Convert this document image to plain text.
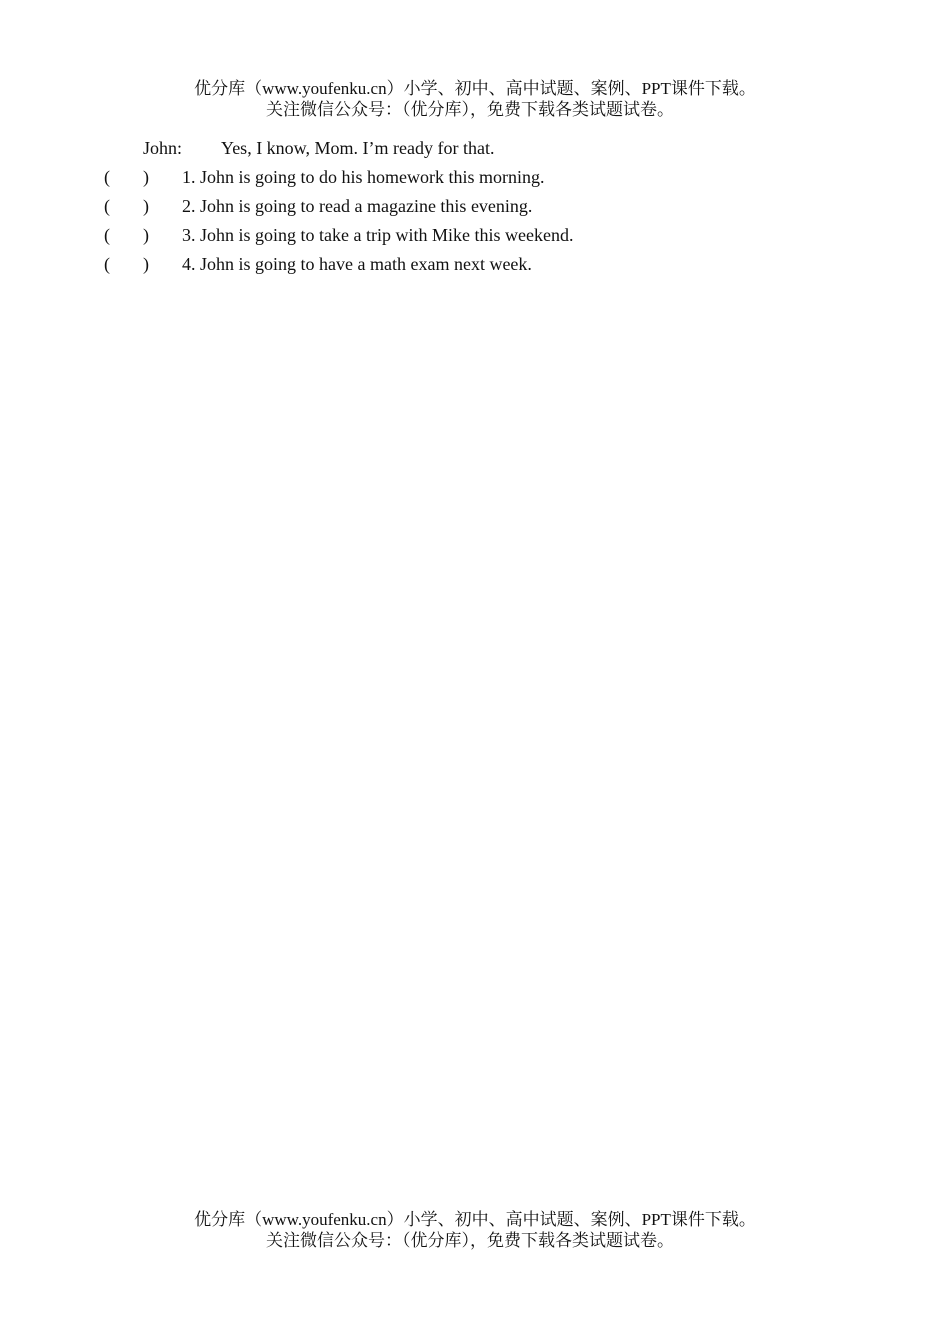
优分库（www.youfenku.cn）小学、初中、高中试题、案例、PPT课件下载。
关注微信公众号：（优分库），免费下载各类试题试卷。
John: Yes, I know, Mom. I’m ready for that.
( ) 1. John is going to do his homework this morning.
( ) 2. John is going to read a magazine this evening.
( ) 3. John is going to take a trip with Mike this weekend.
( ) 4. John is going to have a math exam next week.
优分库（www.youfenku.cn）小学、初中、高中试题、案例、PPT课件下载。
关注微信公众号：（优分库），免费下载各类试题试卷。
